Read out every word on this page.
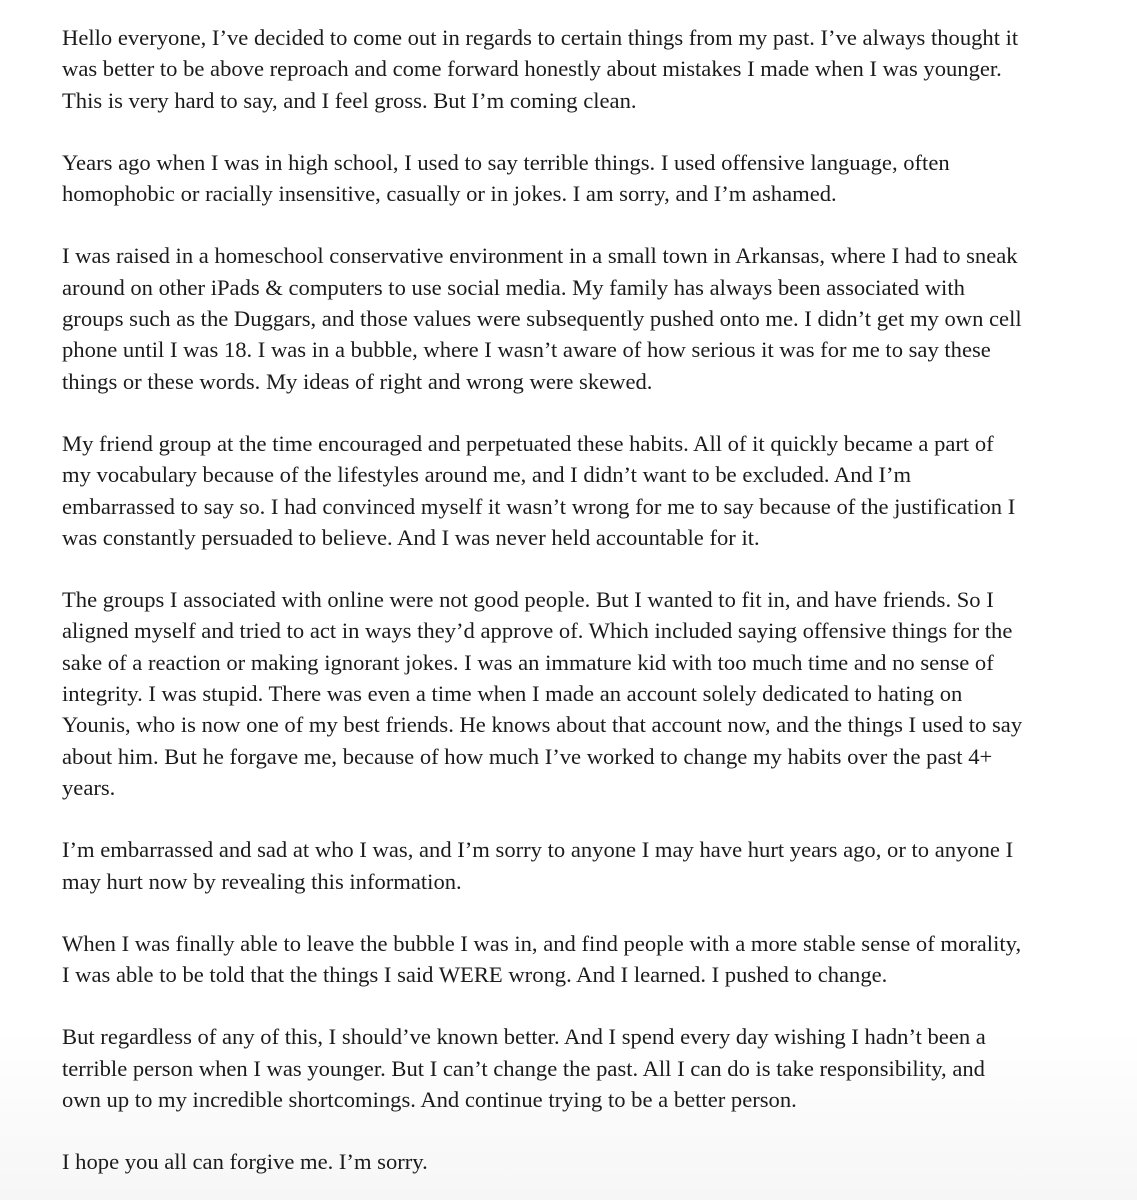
Hello everyone, I’ve decided to come out in regards to certain things from my past. I’ve always thought it
was better to be above reproach and come forward honestly about mistakes I made when I was younger.
This is very hard to say, and I feel gross. But I’m coming clean.

Years ago when I was in high school, I used to say terrible things. I used offensive language, often
homophobic or racially insensitive, casually or in jokes. I am sorry, and I’m ashamed.

I was raised in a homeschool conservative environment in a small town in Arkansas, where I had to sneak
around on other iPads & computers to use social media. My family has always been associated with
groups such as the Duggars, and those values were subsequently pushed onto me. I didn’t get my own cell
phone until I was 18. I was in a bubble, where I wasn’t aware of how serious it was for me to say these
things or these words. My ideas of right and wrong were skewed.

My friend group at the time encouraged and perpetuated these habits. All of it quickly became a part of
my vocabulary because of the lifestyles around me, and I didn’t want to be excluded. And I’m
embarrassed to say so. I had convinced myself it wasn’t wrong for me to say because of the justification I
was constantly persuaded to believe. And I was never held accountable for it.

The groups I associated with online were not good people. But I wanted to fit in, and have friends. So I
aligned myself and tried to act in ways they’d approve of. Which included saying offensive things for the
sake of a reaction or making ignorant jokes. I was an immature kid with too much time and no sense of
integrity. I was stupid. There was even a time when I made an account solely dedicated to hating on
Younis, who is now one of my best friends. He knows about that account now, and the things I used to say
about him. But he forgave me, because of how much I’ve worked to change my habits over the past 4+
years.

I’m embarrassed and sad at who I was, and I’m sorry to anyone I may have hurt years ago, or to anyone I
may hurt now by revealing this information.

When I was finally able to leave the bubble I was in, and find people with a more stable sense of morality,
I was able to be told that the things I said WERE wrong. And I learned. I pushed to change.

But regardless of any of this, I should’ve known better. And I spend every day wishing I hadn’t been a
terrible person when I was younger. But I can’t change the past. All I can do is take responsibility, and
own up to my incredible shortcomings. And continue trying to be a better person.

I hope you all can forgive me. I’m sorry.
